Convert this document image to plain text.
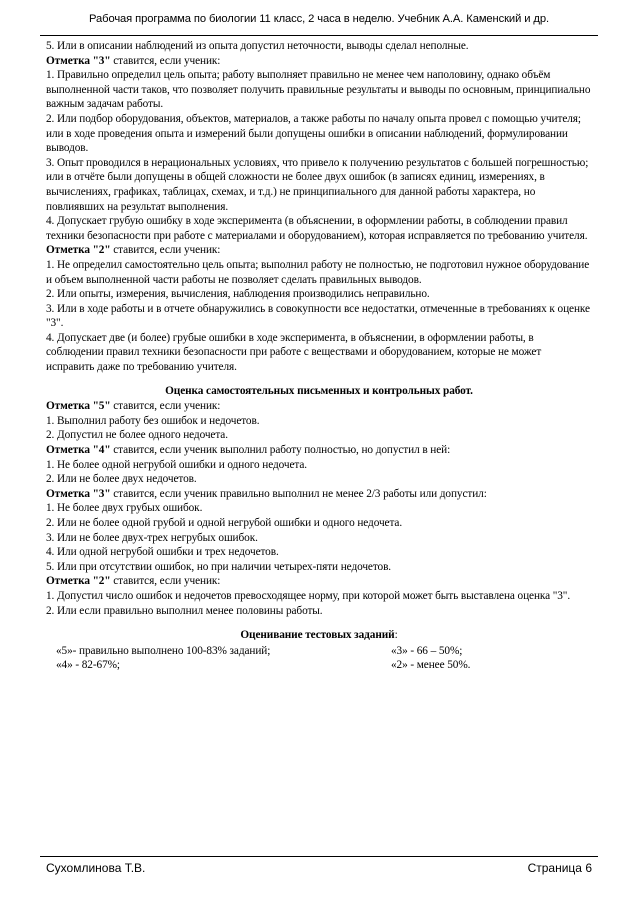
Рабочая программа по биологии 11 класс, 2 часа в неделю. Учебник А.А. Каменский и др.

5. Или в описании наблюдений из опыта допустил неточности, выводы сделал неполные.

Отметка "3" ставится, если ученик:

1. Правильно определил цель опыта; работу выполняет правильно не менее чем наполовину, однако объём выполненной части таков, что позволяет получить правильные результаты и выводы по основным, принципиально важным задачам работы.

2. Или подбор оборудования, объектов, материалов, а также работы по началу опыта провел с помощью учителя; или в ходе проведения опыта и измерений были допущены ошибки в описании наблюдений, формулировании выводов.

3. Опыт проводился в нерациональных условиях, что привело к получению результатов с большей погрешностью; или в отчёте были допущены в общей сложности не более двух ошибок (в записях единиц, измерениях, в вычислениях, графиках, таблицах, схемах, и т.д.) не принципиального для данной работы характера, но повлиявших на результат выполнения.

4. Допускает грубую ошибку в ходе эксперимента (в объяснении, в оформлении работы, в соблюдении правил техники безопасности при работе с материалами и оборудованием), которая исправляется по требованию учителя.

Отметка "2" ставится, если ученик:

1. Не определил самостоятельно цель опыта; выполнил работу не полностью, не подготовил нужное оборудование и объем выполненной части работы не позволяет сделать правильных выводов.

2. Или опыты, измерения, вычисления, наблюдения производились неправильно.

3. Или в ходе работы и в отчете обнаружились в совокупности все недостатки, отмеченные в требованиях к оценке "3".

4. Допускает две (и более) грубые ошибки в ходе эксперимента, в объяснении, в оформлении работы, в соблюдении правил техники безопасности при работе с веществами и оборудованием, которые не может исправить даже по требованию учителя.

Оценка самостоятельных письменных и контрольных работ.

Отметка "5" ставится, если ученик:

1. Выполнил работу без ошибок и недочетов.

2. Допустил не более одного недочета.

Отметка "4" ставится, если ученик выполнил работу полностью, но допустил в ней:

1. Не более одной негрубой ошибки и одного недочета.

2. Или не более двух недочетов.

Отметка "3" ставится, если ученик правильно выполнил не менее 2/3 работы или допустил:

1. Не более двух грубых ошибок.

2. Или не более одной грубой и одной негрубой ошибки и одного недочета.

3. Или не более двух-трех негрубых ошибок.

4. Или одной негрубой ошибки и трех недочетов.

5. Или при отсутствии ошибок, но при наличии четырех-пяти недочетов.

Отметка "2" ставится, если ученик:

1. Допустил число ошибок и недочетов превосходящее норму, при которой может быть выставлена оценка "3".

2. Или если правильно выполнил менее половины работы.

Оценивание тестовых заданий:

«5»- правильно выполнено 100-83% заданий;	«3» - 66 – 50%;
«4» - 82-67%;	«2» - менее 50%.
Сухомлинова Т.В.	Страница 6
